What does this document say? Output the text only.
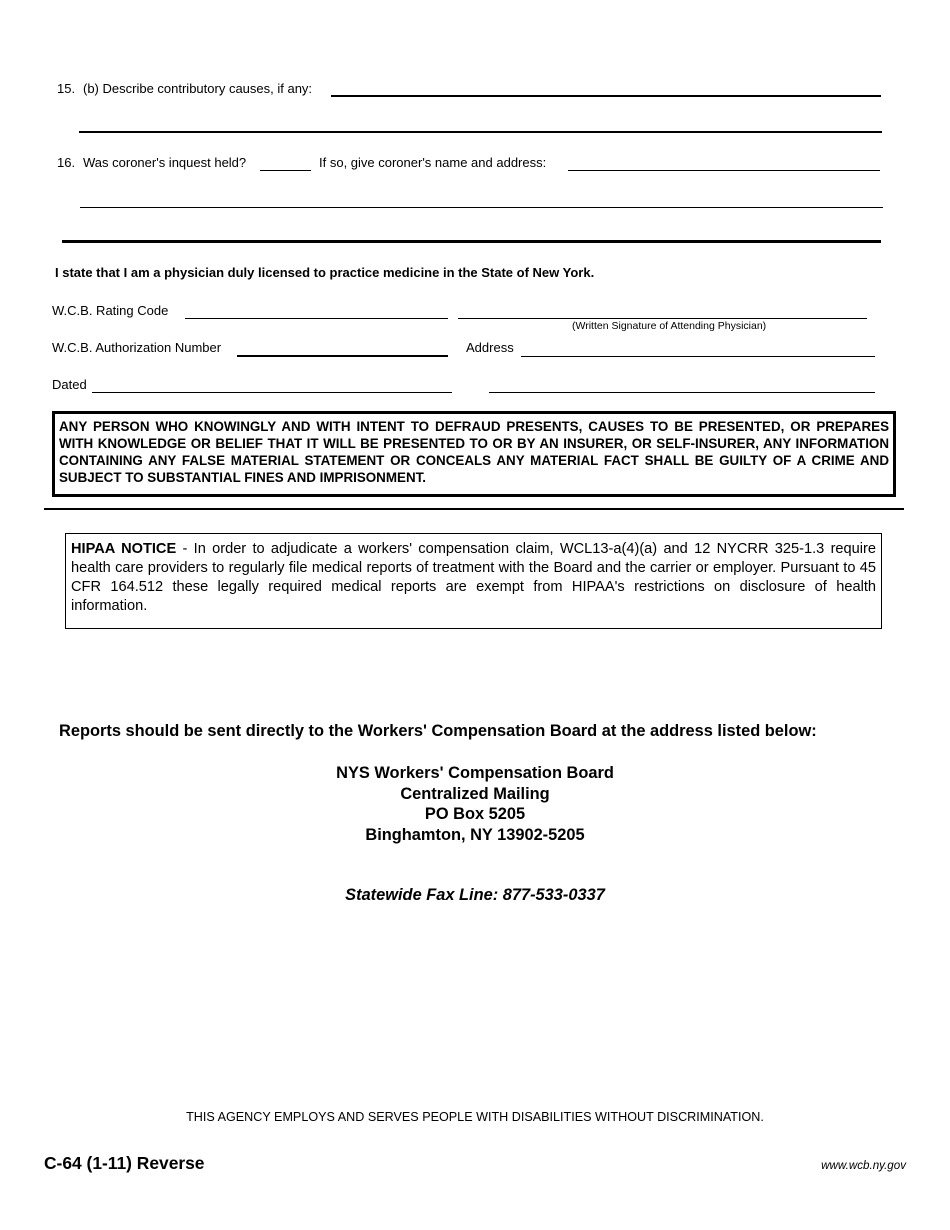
15. (b) Describe contributory causes, if any:
16. Was coroner's inquest held?	If so, give coroner's name and address:
I state that I am a physician duly licensed to practice medicine in the State of New York.
W.C.B. Rating Code
(Written Signature of Attending Physician)
W.C.B. Authorization Number	Address
Dated
ANY PERSON WHO KNOWINGLY AND WITH INTENT TO DEFRAUD PRESENTS, CAUSES TO BE PRESENTED, OR PREPARES WITH KNOWLEDGE OR BELIEF THAT IT WILL BE PRESENTED TO OR BY AN INSURER, OR SELF-INSURER, ANY INFORMATION CONTAINING ANY FALSE MATERIAL STATEMENT OR CONCEALS ANY MATERIAL FACT SHALL BE GUILTY OF A CRIME AND SUBJECT TO SUBSTANTIAL FINES AND IMPRISONMENT.
HIPAA NOTICE - In order to adjudicate a workers' compensation claim, WCL13-a(4)(a) and 12 NYCRR 325-1.3 require health care providers to regularly file medical reports of treatment with the Board and the carrier or employer. Pursuant to 45 CFR 164.512 these legally required medical reports are exempt from HIPAA's restrictions on disclosure of health information.
Reports should be sent directly to the Workers' Compensation Board at the address listed below:
NYS Workers' Compensation Board
Centralized Mailing
PO Box 5205
Binghamton, NY 13902-5205
Statewide Fax Line: 877-533-0337
THIS AGENCY EMPLOYS AND SERVES PEOPLE WITH DISABILITIES WITHOUT DISCRIMINATION.
C-64 (1-11) Reverse	www.wcb.ny.gov
